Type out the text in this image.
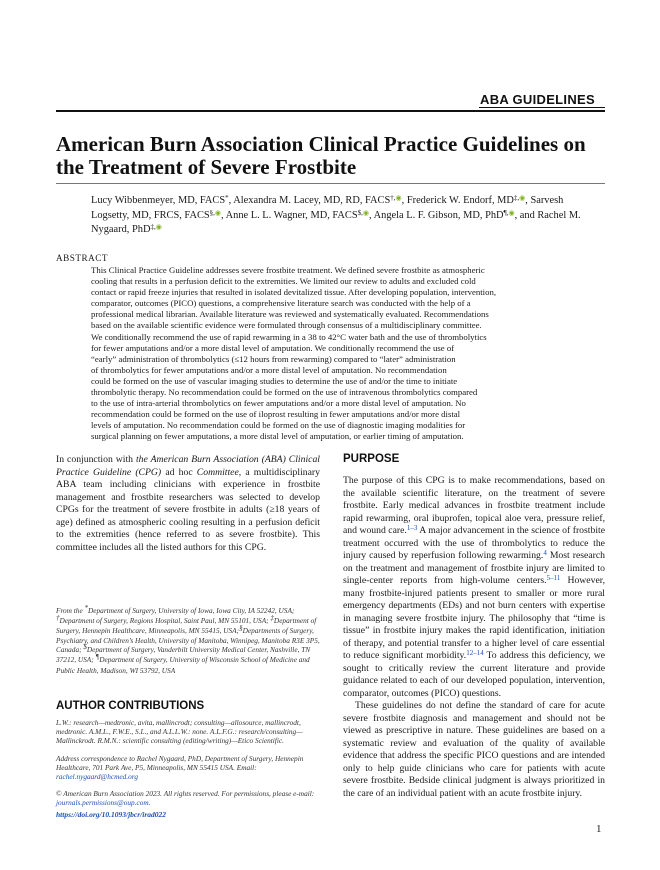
ABA GUIDELINES
American Burn Association Clinical Practice Guidelines on
the Treatment of Severe Frostbite

Lucy Wibbenmeyer, MD, FACS*, Alexandra M. Lacey, MD, RD, FACS†,◉, Frederick W. Endorf, MD‡,◉, Sarvesh Logsetty, MD, FRCS, FACS§,◉, Anne L. L. Wagner, MD, FACS$,◉, Angela L. F. Gibson, MD, PhD¶,◉, and Rachel M. Nygaard, PhD‡,◉

ABSTRACT

This Clinical Practice Guideline addresses severe frostbite treatment. We defined severe frostbite as atmospheric
cooling that results in a perfusion deficit to the extremities. We limited our review to adults and excluded cold
contact or rapid freeze injuries that resulted in isolated devitalized tissue. After developing population, intervention,
comparator, outcomes (PICO) questions, a comprehensive literature search was conducted with the help of a
professional medical librarian. Available literature was reviewed and systematically evaluated. Recommendations
based on the available scientific evidence were formulated through consensus of a multidisciplinary committee.
We conditionally recommend the use of rapid rewarming in a 38 to 42°C water bath and the use of thrombolytics
for fewer amputations and/or a more distal level of amputation. We conditionally recommend the use of
“early” administration of thrombolytics (≤12 hours from rewarming) compared to “later” administration
of thrombolytics for fewer amputations and/or a more distal level of amputation. No recommendation
could be formed on the use of vascular imaging studies to determine the use of and/or the time to initiate
thrombolytic therapy. No recommendation could be formed on the use of intravenous thrombolytics compared
to the use of intra-arterial thrombolytics on fewer amputations and/or a more distal level of amputation. No
recommendation could be formed on the use of iloprost resulting in fewer amputations and/or more distal
levels of amputation. No recommendation could be formed on the use of diagnostic imaging modalities for
surgical planning on fewer amputations, a more distal level of amputation, or earlier timing of amputation.

In conjunction with the American Burn Association (ABA) Clinical Practice Guideline (CPG) ad hoc Committee, a multidisciplinary ABA team including clinicians with experience in frostbite management and frostbite researchers was selected to develop CPGs for the treatment of severe frostbite in adults (≥18 years of age) defined as atmospheric cooling resulting in a perfusion deficit to the extremities (hence referred to as severe frostbite). This committee includes all the listed authors for this CPG.

From the *Department of Surgery, University of Iowa, Iowa City, IA 52242, USA; †Department of Surgery, Regions Hospital, Saint Paul, MN 55101, USA; ‡Department of Surgery, Hennepin Healthcare, Minneapolis, MN 55415, USA;§Departments of Surgery, Psychiatry, and Children’s Health, University of Manitoba, Winnipeg, Manitoba R3E 3P5, Canada; $Department of Surgery, Vanderbilt University Medical Center, Nashville, TN 37212, USA; ¶Department of Surgery, University of Wisconsin School of Medicine and Public Health, Madison, WI 53792, USA

AUTHOR CONTRIBUTIONS

L.W.: research—medtronic, avita, mallincrodt; consulting—allosource, mallincrodt, medtronic. A.M.L., F.W.E., S.L., and A.L.L.W.: none. A.L.F.G.: research/consulting—Mallinckrodt. R.M.N.: scientific consulting (editing/writing)—Etico Scientific.

Address correspondence to Rachel Nygaard, PhD, Department of Surgery, Hennepin Healthcare, 701 Park Ave, P5, Minneapolis, MN 55415 USA. Email: rachel.nygaard@hcmed.org

© American Burn Association 2023. All rights reserved. For permissions, please e-mail: journals.permissions@oup.com.

https://doi.org/10.1093/jbcr/irad022

PURPOSE

The purpose of this CPG is to make recommendations, based on the available scientific literature, on the treatment of severe frostbite. Early medical advances in frostbite treatment include rapid rewarming, oral ibuprofen, topical aloe vera, pressure relief, and wound care.$^{1-3}$ A major advancement in the science of frostbite treatment occurred with the use of thrombolytics to reduce the injury caused by reperfusion following rewarming.$^4$ Most research on the treatment and management of frostbite injury are limited to single-center reports from high-volume centers.$^{5-11}$ However, many frostbite-injured patients present to smaller or more rural emergency departments (EDs) and not burn centers with expertise in managing severe frostbite injury. The philosophy that “time is tissue” in frostbite injury makes the rapid identification, initiation of therapy, and potential transfer to a higher level of care essential to reduce significant morbidity.$^{12-14}$ To address this deficiency, we sought to critically review the current literature and provide guidance related to each of our developed population, intervention, comparator, outcomes (PICO) questions.

These guidelines do not define the standard of care for acute severe frostbite diagnosis and management and should not be viewed as prescriptive in nature. These guidelines are based on a systematic review and evaluation of the quality of available evidence that address the specific PICO questions and are intended only to help guide clinicians who care for patients with acute severe frostbite. Bedside clinical judgment is always prioritized in the care of an individual patient with an acute frostbite injury.

1
